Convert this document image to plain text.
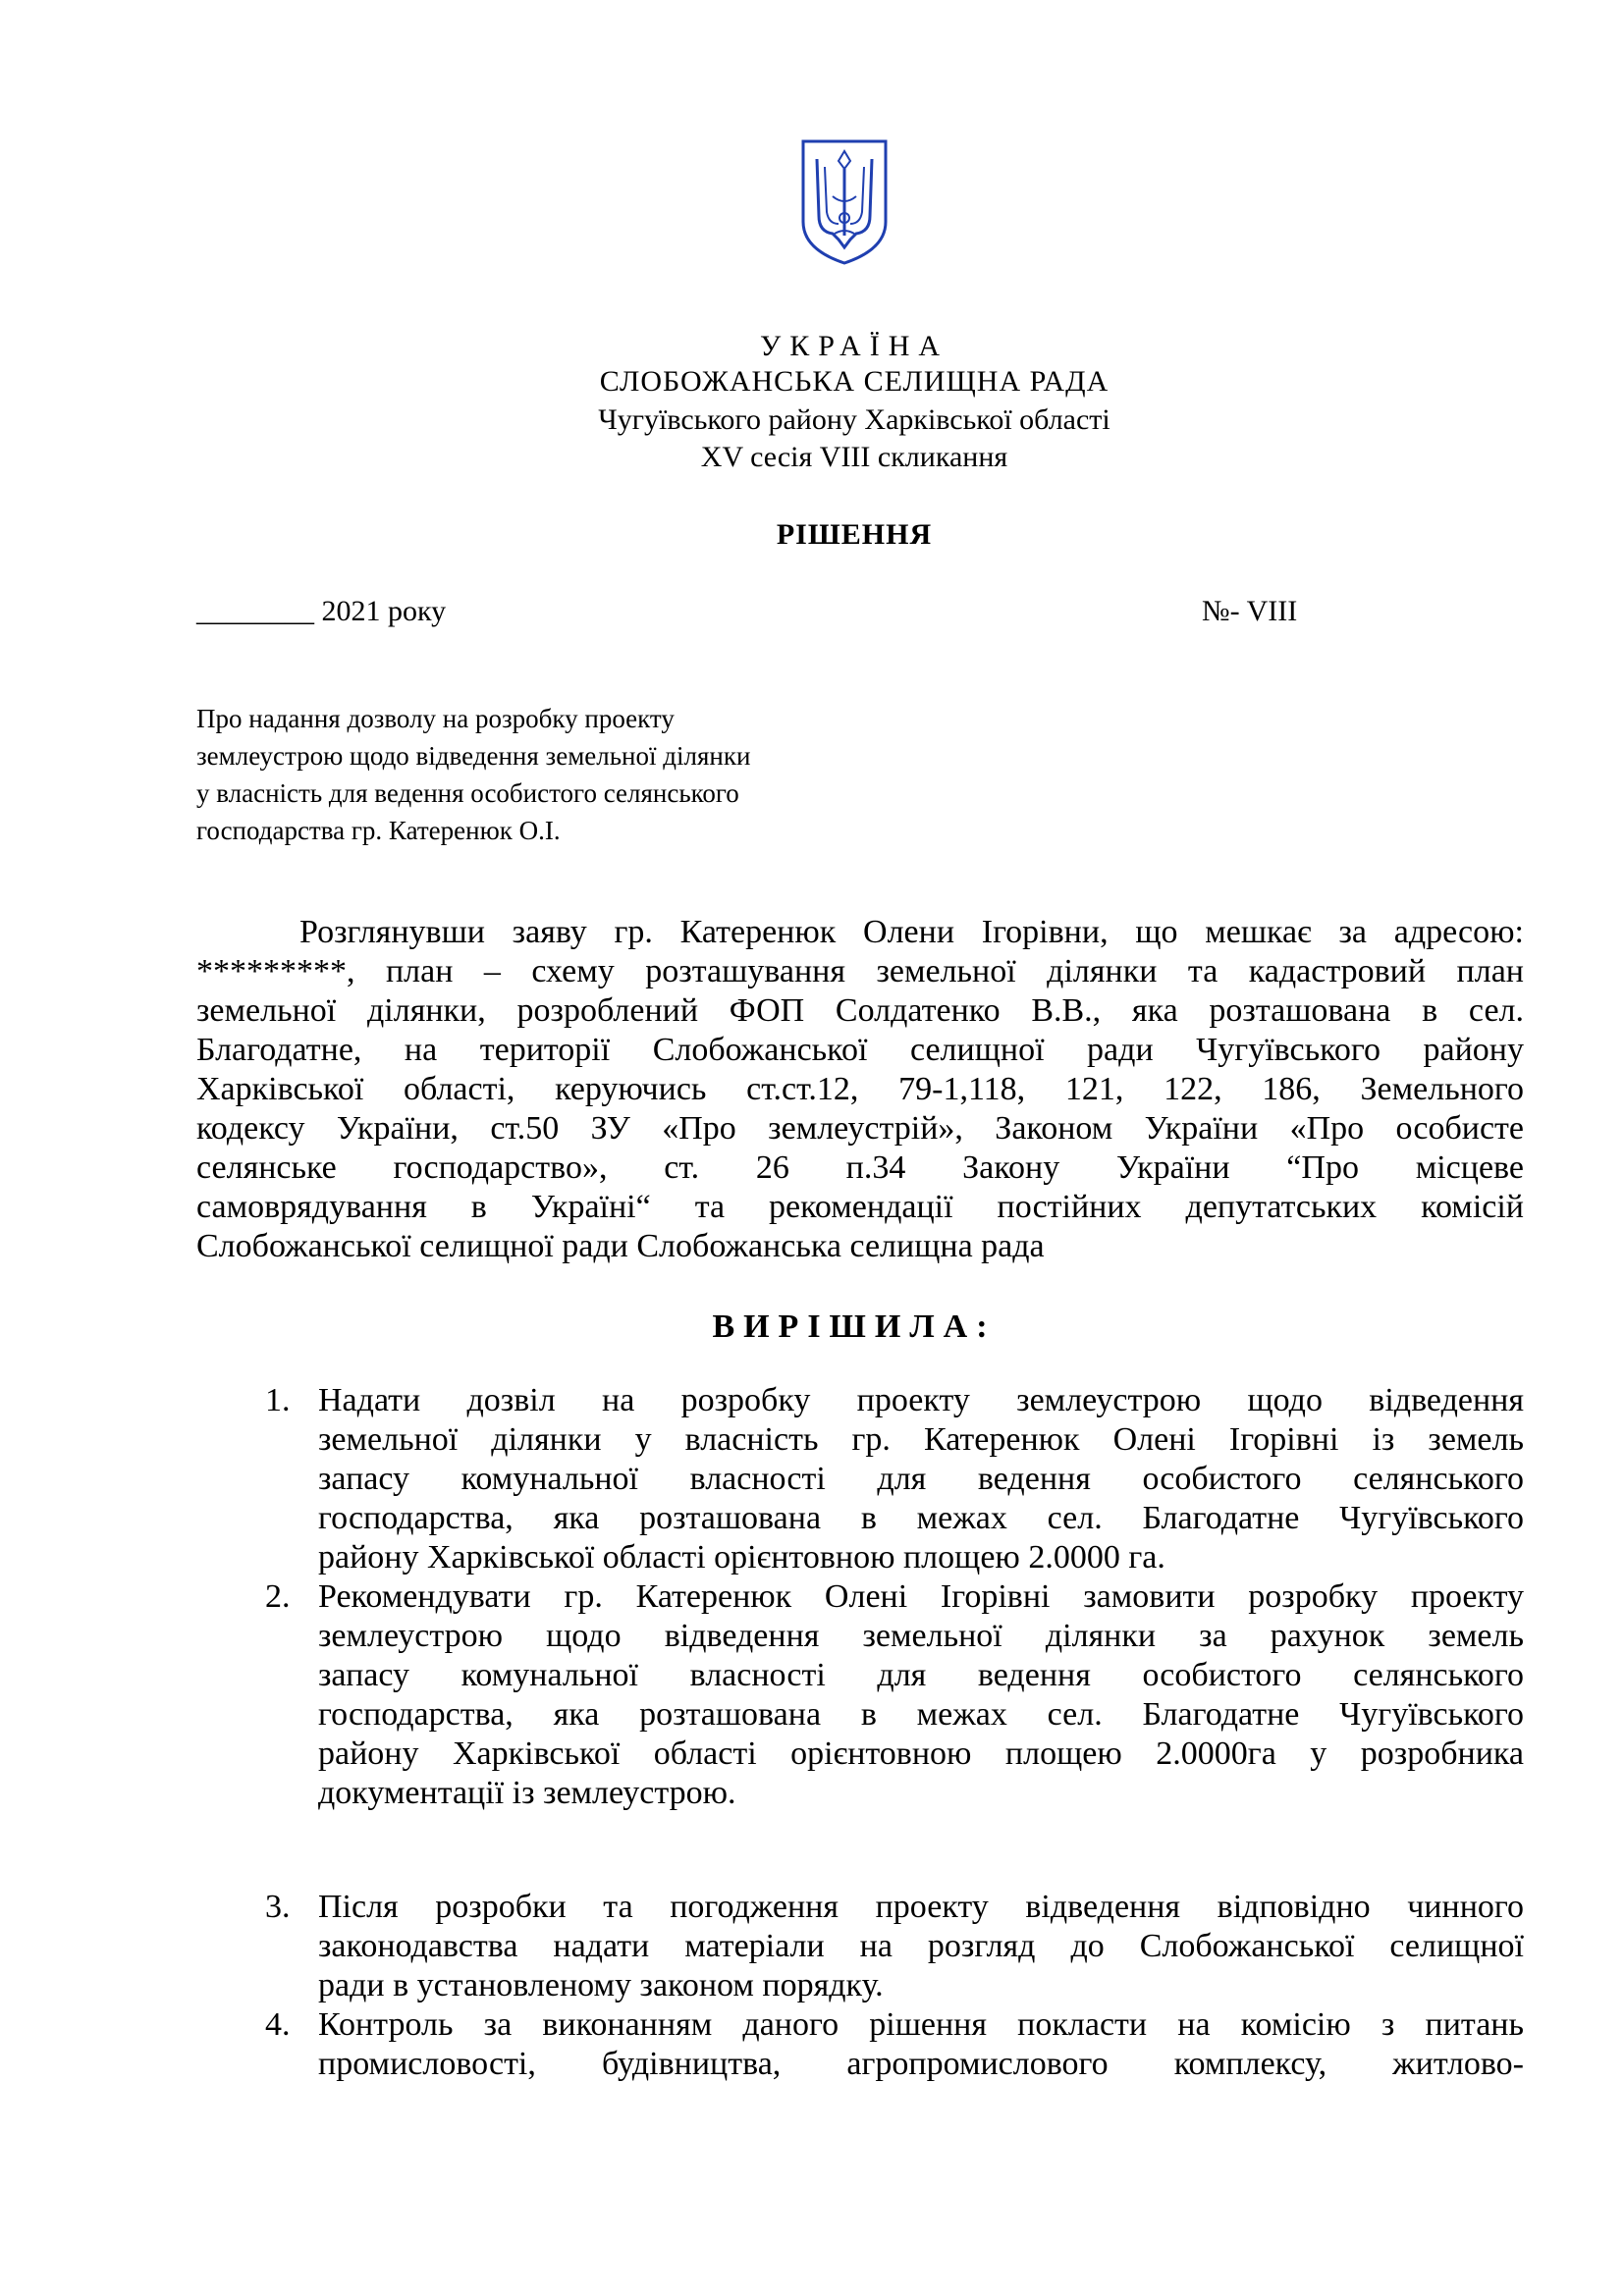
УКРАЇНА
СЛОБОЖАНСЬКА СЕЛИЩНА РАДА
Чугуївського району Харківської області
XV сесія VIII скликання
РІШЕННЯ
________ 2021 року	№- VIII
Про надання дозволу на розробку проекту
землеустрою щодо відведення земельної ділянки
у власність для ведення особистого селянського
господарства гр. Катеренюк О.І.
Розглянувши заяву гр. Катеренюк Олени Ігорівни, що мешкає за адресою:
*********, план – схему розташування земельної ділянки та кадастровий план
земельної ділянки, розроблений ФОП Солдатенко В.В., яка розташована в сел.
Благодатне, на території Слобожанської селищної ради Чугуївського району
Харківської області, керуючись ст.ст.12, 79-1,118, 121, 122, 186, Земельного
кодексу України, ст.50 ЗУ «Про землеустрій», Законом України «Про особисте
селянське господарство», ст. 26 п.34 Закону України “Про місцеве
самоврядування в Україні“ та рекомендації постійних депутатських комісій
Слобожанської селищної ради Слобожанська селищна рада
ВИРІШИЛА:
1. Надати дозвіл на розробку проекту землеустрою щодо відведення
земельної ділянки у власність гр. Катеренюк Олені Ігорівні із земель
запасу комунальної власності для ведення особистого селянського
господарства, яка розташована в межах сел. Благодатне Чугуївського
району Харківської області орієнтовною площею 2.0000 га.
2. Рекомендувати гр. Катеренюк Олені Ігорівні замовити розробку проекту
землеустрою щодо відведення земельної ділянки за рахунок земель
запасу комунальної власності для ведення особистого селянського
господарства, яка розташована в межах сел. Благодатне Чугуївського
району Харківської області орієнтовною площею 2.0000га у розробника
документації із землеустрою.
3. Після розробки та погодження проекту відведення відповідно чинного
законодавства надати матеріали на розгляд до Слобожанської селищної
ради в установленому законом порядку.
4. Контроль за виконанням даного рішення покласти на комісію з питань
промисловості, будівництва, агропромислового комплексу, житлово-
